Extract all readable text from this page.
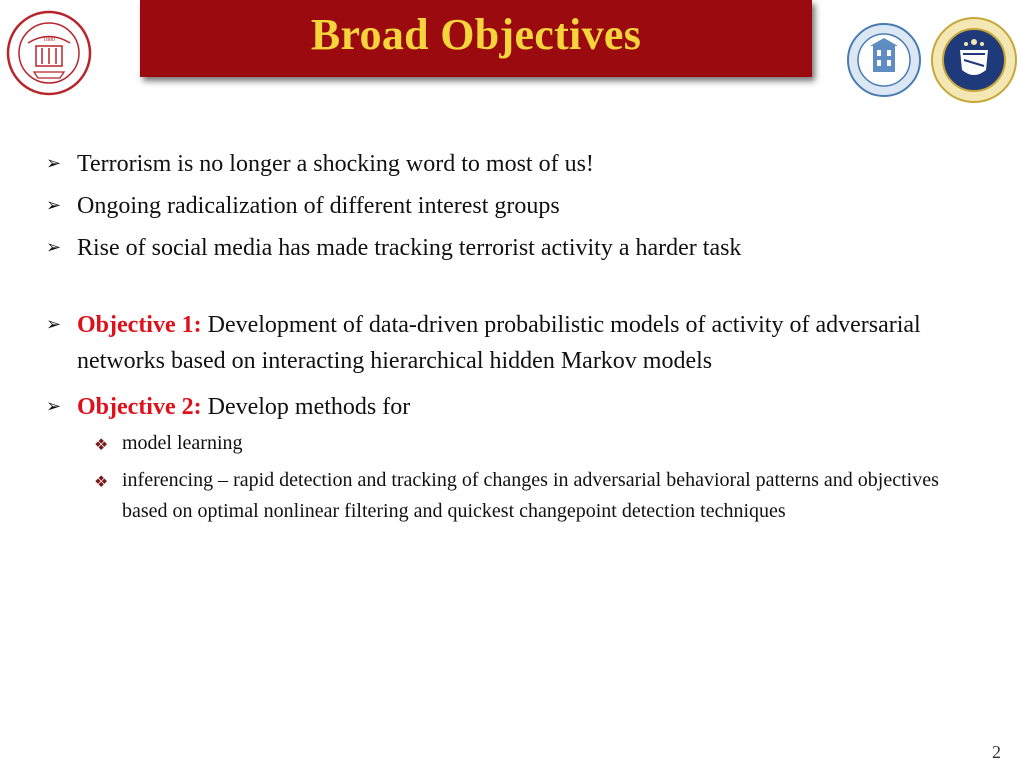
Broad Objectives
1880
➢ Terrorism is no longer a shocking word to most of us!
➢ Ongoing radicalization of different interest groups
➢ Rise of social media has made tracking terrorist activity a harder task
➢ Objective 1: Development of data-driven probabilistic models of activity of adversarial networks based on interacting hierarchical hidden Markov models
➢ Objective 2: Develop methods for
❖ model learning
❖ inferencing – rapid detection and tracking of changes in adversarial behavioral patterns and objectives based on optimal nonlinear filtering and quickest changepoint detection techniques
2
